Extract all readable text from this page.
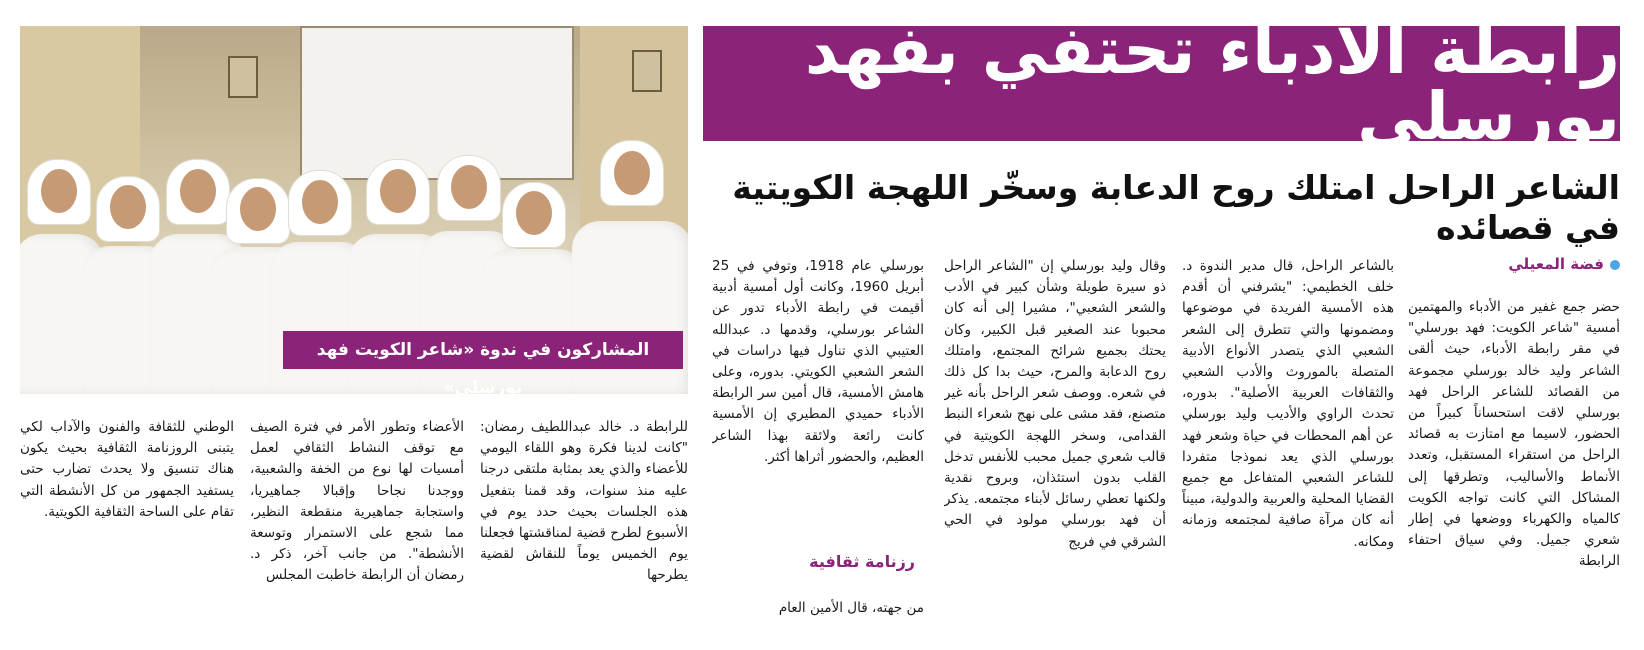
المشاركون في ندوة «شاعر الكويت فهد بورسلي»
رابطة الأدباء تحتفي بفهد بورسلي
الشاعر الراحل امتلك روح الدعابة وسخّر اللهجة الكويتية في قصائده
فضة المعيلي

حضر جمع غفير من الأدباء والمهتمين أمسية "شاعر الكويت: فهد بورسلي" في مقر رابطة الأدباء، حيث ألقى الشاعر وليد خالد بورسلي مجموعة من القصائد للشاعر الراحل فهد بورسلي لاقت استحساناً كبيراً من الحضور، لاسيما مع امتازت به قصائد الراحل من استقراء المستقبل، وتعدد الأنماط والأساليب، وتطرقها إلى المشاكل التي كانت تواجه الكويت كالمياه والكهرباء ووضعها في إطار شعري جميل. وفي سياق احتفاء الرابطة

بالشاعر الراحل، قال مدير الندوة د. خلف الخطيمي: "يشرفني أن أقدم هذه الأمسية الفريدة في موضوعها ومضمونها والتي تتطرق إلى الشعر الشعبي الذي يتصدر الأنواع الأدبية المتصلة بالموروث والأدب الشعبي والثقافات العربية الأصلية". بدوره، تحدث الراوي والأديب وليد بورسلي عن أهم المحطات في حياة وشعر فهد بورسلي الذي يعد نموذجا متفردا للشاعر الشعبي المتفاعل مع جميع القضايا المحلية والعربية والدولية، مبيناً أنه كان مرآة صافية لمجتمعه وزمانه ومكانه.

وقال وليد بورسلي إن "الشاعر الراحل ذو سيرة طويلة وشأن كبير في الأدب والشعر الشعبي"، مشيرا إلى أنه كان محبوبا عند الصغير قبل الكبير، وكان يحتك بجميع شرائح المجتمع، وامتلك روح الدعابة والمرح، حيث بدا كل ذلك في شعره. ووصف شعر الراحل بأنه غير متصنع، فقد مشى على نهج شعراء النبط القدامى، وسخر اللهجة الكويتية في قالب شعري جميل محبب للأنفس تدخل القلب بدون استئذان، وبروح نقدية ولكنها تعطي رسائل لأبناء مجتمعه. يذكر أن فهد بورسلي مولود في الحي الشرقي في فريج

بورسلي عام 1918، وتوفي في 25 أبريل 1960، وكانت أول أمسية أدبية أقيمت في رابطة الأدباء تدور عن الشاعر بورسلي، وقدمها د. عبدالله العتيبي الذي تناول فيها دراسات في الشعر الشعبي الكويتي. بدوره، وعلى هامش الأمسية، قال أمين سر الرابطة الأدباء حميدي المطيري إن الأمسية كانت رائعة ولائقة بهذا الشاعر العظيم، والحضور أثراها أكثر.

رزنامة ثقافية

من جهته، قال الأمين العام

للرابطة د. خالد عبداللطيف رمضان: "كانت لدينا فكرة وهو اللقاء اليومي للأعضاء والذي يعد بمثابة ملتقى درجنا عليه منذ سنوات، وقد قمنا بتفعيل هذه الجلسات بحيث حدد يوم في الأسبوع لطرح قضية لمناقشتها فجعلنا يوم الخميس يوماً للنقاش لقضية يطرحها

الأعضاء وتطور الأمر في فترة الصيف مع توقف النشاط الثقافي لعمل أمسيات لها نوع من الخفة والشعبية، ووجدنا نجاحا وإقبالا جماهيريا، واستجابة جماهيرية منقطعة النظير، مما شجع على الاستمرار وتوسعة الأنشطة". من جانب آخر، ذكر د. رمضان أن الرابطة خاطبت المجلس

الوطني للثقافة والفنون والآداب لكي يتبنى الروزنامة الثقافية بحيث يكون هناك تنسيق ولا يحدث تضارب حتى يستفيد الجمهور من كل الأنشطة التي تقام على الساحة الثقافية الكويتية.
